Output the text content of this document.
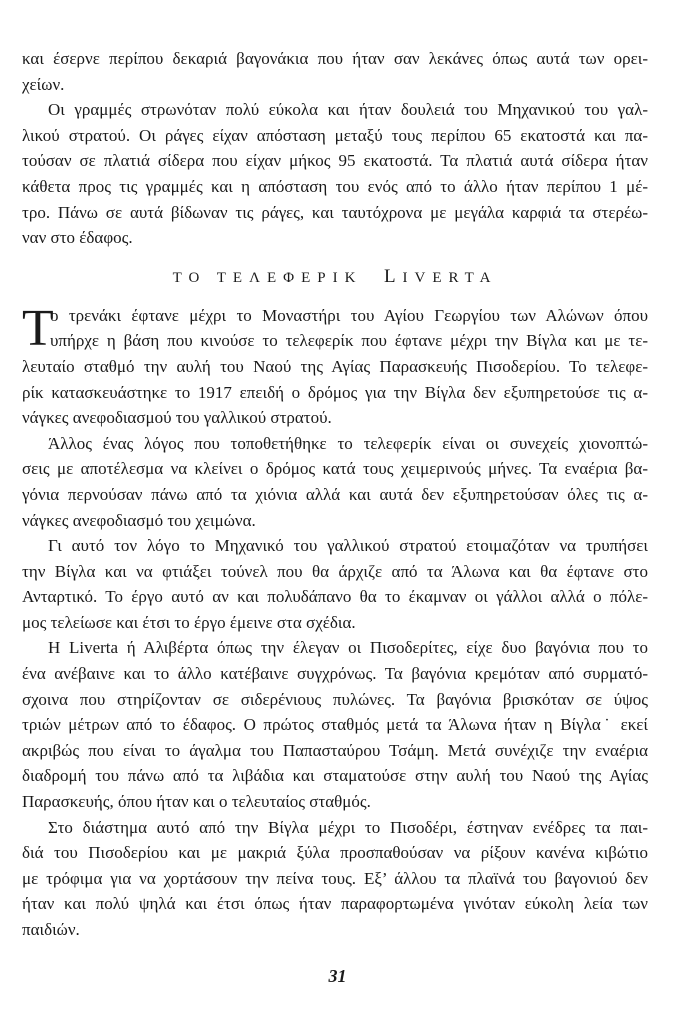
και έσερνε περίπου δεκαριά βαγονάκια που ήταν σαν λεκάνες όπως αυτά των ορει-
χείων.
Οι γραμμές στρωνόταν πολύ εύκολα και ήταν δουλειά του Μηχανικού του γαλ-
λικού στρατού. Οι ράγες είχαν απόσταση μεταξύ τους περίπου 65 εκατοστά και πα-
τούσαν σε πλατιά σίδερα που είχαν μήκος 95 εκατοστά. Τα πλατιά αυτά σίδερα ήταν
κάθετα προς τις γραμμές και η απόσταση του ενός από το άλλο ήταν περίπου 1 μέ-
τρο. Πάνω σε αυτά βίδωναν τις ράγες, και ταυτόχρονα με μεγάλα καρφιά τα στερέω-
ναν στο έδαφος.
ΤΟ ΤΕΛΕΦΕΡΙΚ LIVERTA
Τ
ο τρενάκι έφτανε μέχρι το Μοναστήρι του Αγίου Γεωργίου των Αλώνων όπου
υπήρχε η βάση που κινούσε το τελεφερίκ που έφτανε μέχρι την Βίγλα και με τε-
λευταίο σταθμό την αυλή του Ναού της Αγίας Παρασκευής Πισοδερίου. Το τελεφε-
ρίκ κατασκευάστηκε το 1917 επειδή ο δρόμος για την Βίγλα δεν εξυπηρετούσε τις α-
νάγκες ανεφοδιασμού του γαλλικού στρατού.
Άλλος ένας λόγος που τοποθετήθηκε το τελεφερίκ είναι οι συνεχείς χιονοπτώ-
σεις με αποτέλεσμα να κλείνει ο δρόμος κατά τους χειμερινούς μήνες. Τα εναέρια βα-
γόνια περνούσαν πάνω από τα χιόνια αλλά και αυτά δεν εξυπηρετούσαν όλες τις α-
νάγκες ανεφοδιασμό του χειμώνα.
Γι αυτό τον λόγο το Μηχανικό του γαλλικού στρατού ετοιμαζόταν να τρυπήσει
την Βίγλα και να φτιάξει τούνελ που θα άρχιζε από τα Άλωνα και θα έφτανε στο
Ανταρτικό. Το έργο αυτό αν και πολυδάπανο θα το έκαμναν οι γάλλοι αλλά ο πόλε-
μος τελείωσε και έτσι το έργο έμεινε στα σχέδια.
Η Liverta ή Αλιβέρτα όπως την έλεγαν οι Πισοδερίτες, είχε δυο βαγόνια που το
ένα ανέβαινε και το άλλο κατέβαινε συγχρόνως. Τα βαγόνια κρεμόταν από συρματό-
σχοινα που στηρίζονταν σε σιδερένιους πυλώνες. Τα βαγόνια βρισκόταν σε ύψος
τριών μέτρων από το έδαφος. Ο πρώτος σταθμός μετά τα Άλωνα ήταν η Βίγλα˙ εκεί
ακριβώς που είναι το άγαλμα του Παπασταύρου Τσάμη. Μετά συνέχιζε την εναέρια
διαδρομή του πάνω από τα λιβάδια και σταματούσε στην αυλή του Ναού της Αγίας
Παρασκευής, όπου ήταν και ο τελευταίος σταθμός.
Στο διάστημα αυτό από την Βίγλα μέχρι το Πισοδέρι, έστηναν ενέδρες τα παι-
διά του Πισοδερίου και με μακριά ξύλα προσπαθούσαν να ρίξουν κανένα κιβώτιο
με τρόφιμα για να χορτάσουν την πείνα τους. Εξ’ άλλου τα πλαϊνά του βαγονιού δεν
ήταν και πολύ ψηλά και έτσι όπως ήταν παραφορτωμένα γινόταν εύκολη λεία των
παιδιών.
31
